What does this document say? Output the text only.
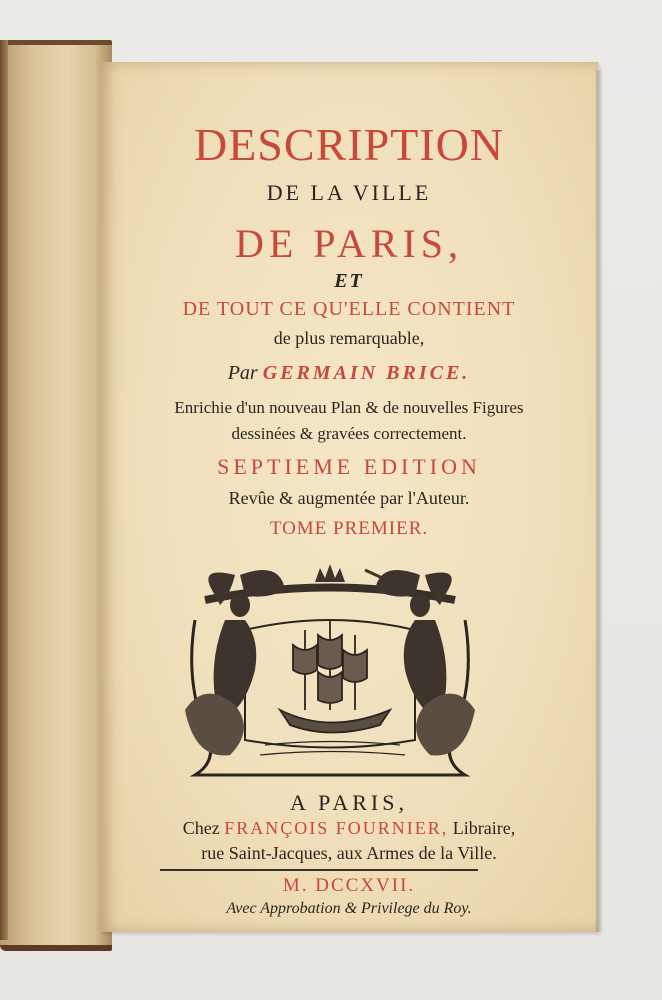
DESCRIPTION
DE LA VILLE
DE PARIS,
ET
DE TOUT CE QU'ELLE CONTIENT
de plus remarquable,
Par GERMAIN BRICE.
Enrichie d'un nouveau Plan & de nouvelles Figures
dessinées & gravées correctement.
SEPTIEME EDITION
Revûe & augmentée par l'Auteur.
TOME PREMIER.
A PARIS,
Chez FRANÇOIS FOURNIER, Libraire,
rue Saint-Jacques, aux Armes de la Ville.
M. DCCXVII.
Avec Approbation & Privilege du Roy.
